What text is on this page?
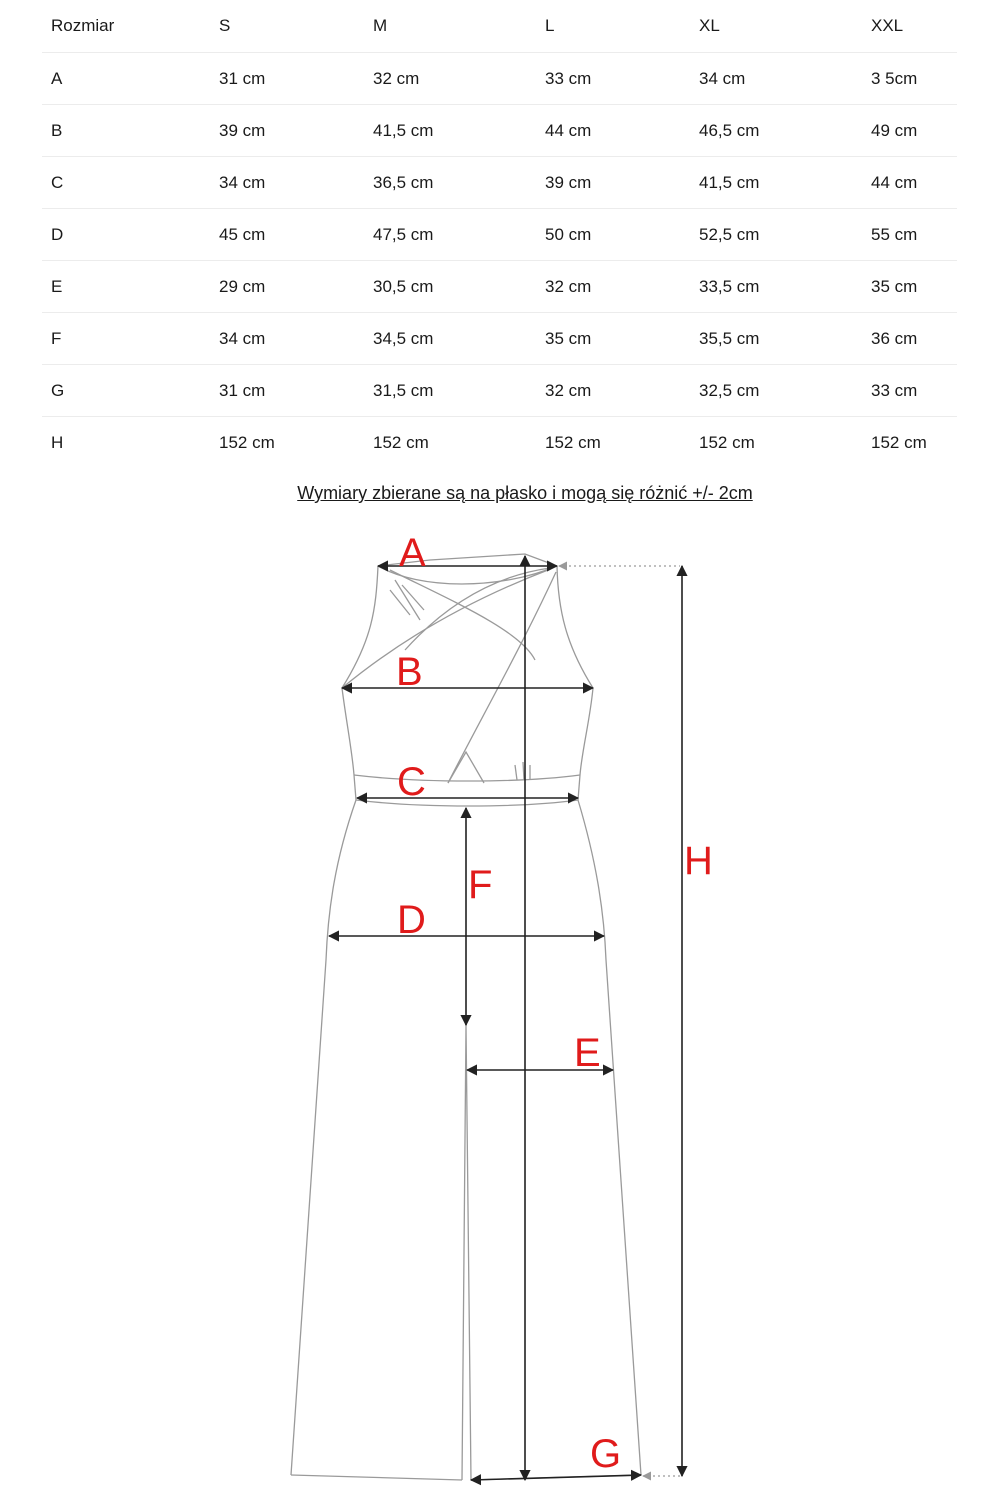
Rozmiar	S	M	L	XL	XXL
A	31 cm	32 cm	33 cm	34 cm	3 5cm
B	39 cm	41,5 cm	44 cm	46,5 cm	49 cm
C	34 cm	36,5 cm	39 cm	41,5 cm	44 cm
D	45 cm	47,5 cm	50 cm	52,5 cm	55 cm
E	29 cm	30,5 cm	32 cm	33,5 cm	35 cm
F	34 cm	34,5 cm	35 cm	35,5 cm	36 cm
G	31 cm	31,5 cm	32 cm	32,5 cm	33 cm
H	152 cm	152 cm	152 cm	152 cm	152 cm
Wymiary zbierane są na płasko i mogą się różnić +/- 2cm
A
B
C
D
E
F
G
H
